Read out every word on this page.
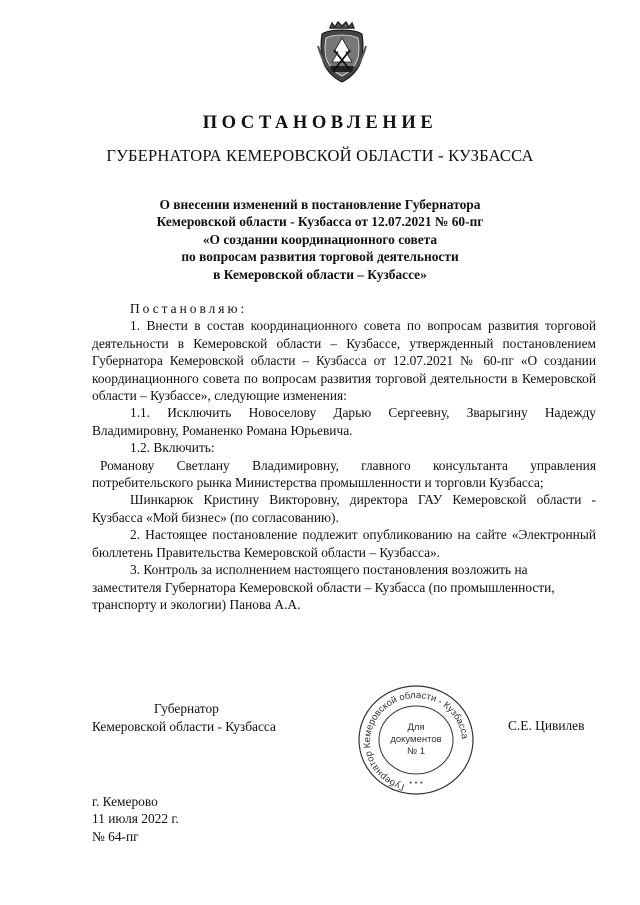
ПОСТАНОВЛЕНИЕ
ГУБЕРНАТОРА КЕМЕРОВСКОЙ ОБЛАСТИ - КУЗБАССА
О внесении изменений в постановление Губернатора
Кемеровской области - Кузбасса от 12.07.2021 № 60-пг
«О создании координационного совета
по вопросам развития торговой деятельности
в Кемеровской области – Кузбассе»

Постановляю:

1. Внести в состав координационного совета по вопросам развития торговой деятельности в Кемеровской области – Кузбассе, утвержденный постановлением Губернатора Кемеровской области – Кузбасса от 12.07.2021 № 60-пг «О создании координационного совета по вопросам развития торговой деятельности в Кемеровской области – Кузбассе», следующие изменения:

1.1. Исключить Новоселову Дарью Сергеевну, Зварыгину Надежду Владимировну, Романенко Романа Юрьевича.

1.2. Включить:

Романову Светлану Владимировну, главного консультанта управления потребительского рынка Министерства промышленности и торговли Кузбасса;

Шинкарюк Кристину Викторовну, директора ГАУ Кемеровской области - Кузбасса «Мой бизнес» (по согласованию).

2. Настоящее постановление подлежит опубликованию на сайте «Электронный бюллетень Правительства Кемеровской области – Кузбасса».

3. Контроль за исполнением настоящего постановления возложить на заместителя Губернатора Кемеровской области – Кузбасса (по промышленности, транспорту и экологии) Панова А.А.

Губернатор
Кемеровской области - Кузбасса
Губернатор Кемеровской области - Кузбасса
Для
документов
№ 1
* * *
С.Е. Цивилев
г. Кемерово
11 июля 2022 г.
№ 64-пг
